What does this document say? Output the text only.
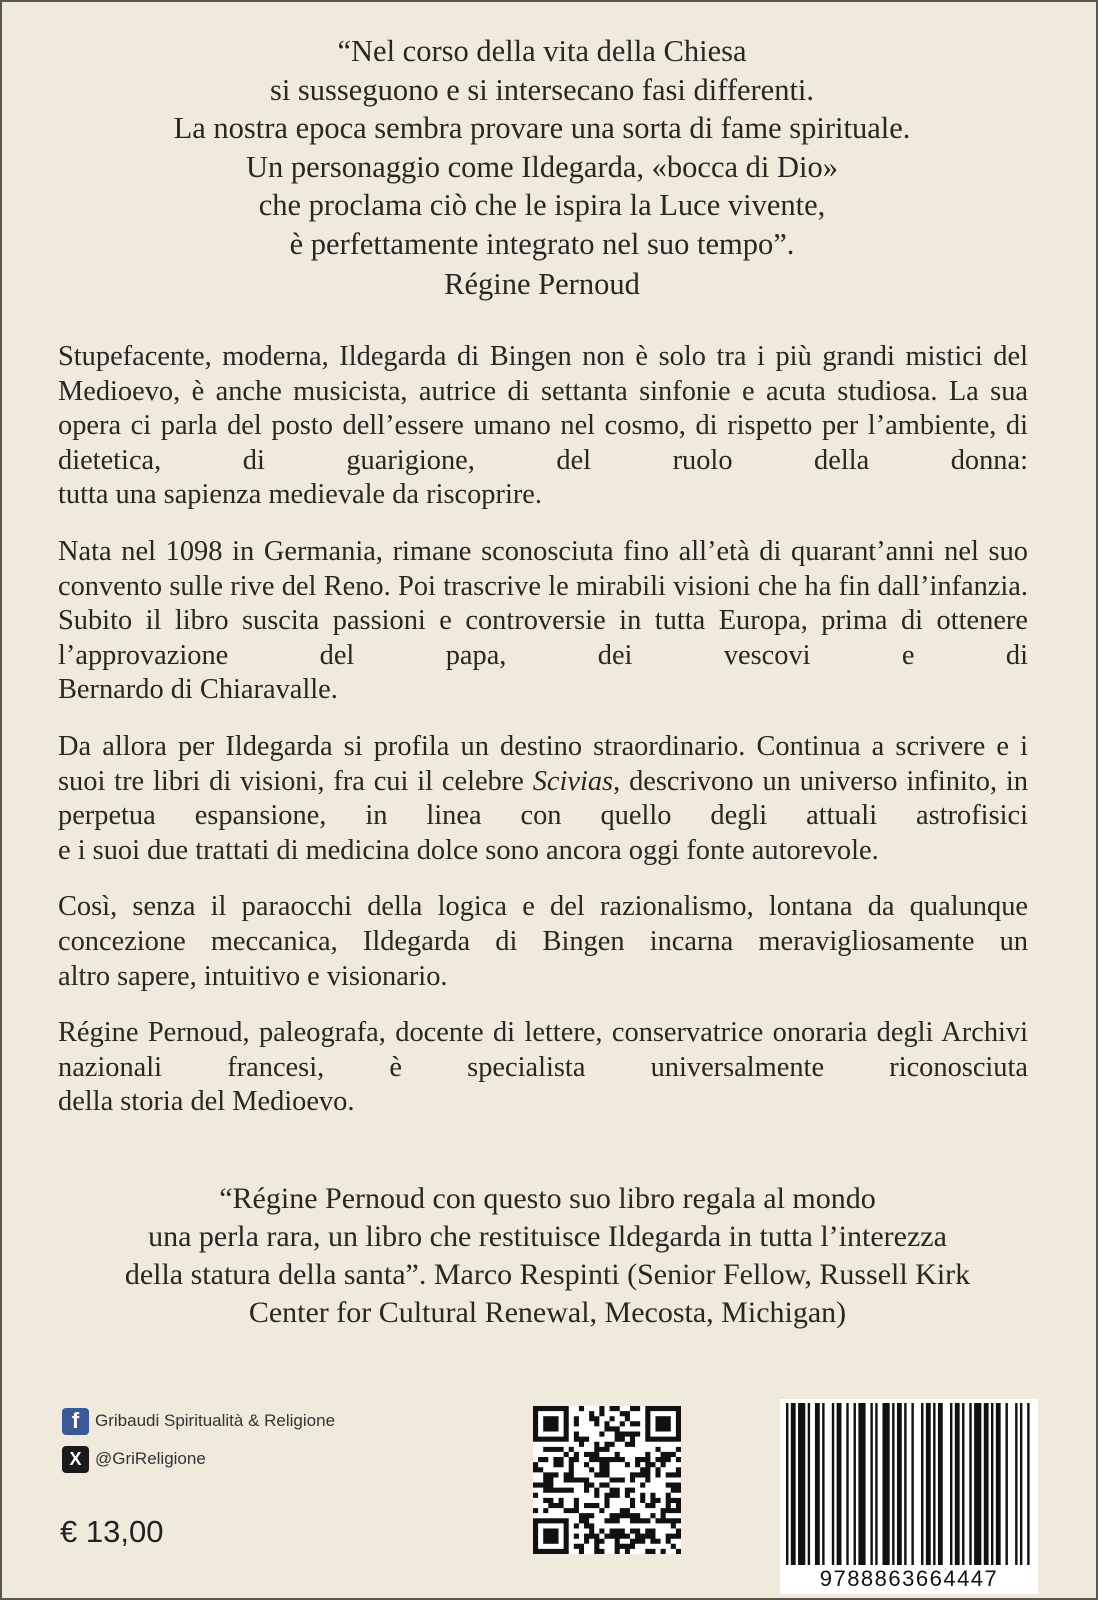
“Nel corso della vita della Chiesa
si susseguono e si intersecano fasi differenti.
La nostra epoca sembra provare una sorta di fame spirituale.
Un personaggio come Ildegarda, «bocca di Dio»
che proclama ciò che le ispira la Luce vivente,
è perfettamente integrato nel suo tempo”.
Régine Pernoud

Stupefacente, moderna, Ildegarda di Bingen non è solo tra i più grandi mistici del Medioevo, è anche musicista, autrice di settanta sinfonie e acuta studiosa. La sua opera ci parla del posto dell’essere umano nel cosmo, di rispetto per l’ambiente, di dietetica, di guarigione, del ruolo della donna:
tutta una sapienza medievale da riscoprire.

Nata nel 1098 in Germania, rimane sconosciuta fino all’età di quarant’anni nel suo convento sulle rive del Reno. Poi trascrive le mirabili visioni che ha fin dall’infanzia. Subito il libro suscita passioni e controversie in tutta Europa, prima di ottenere l’approvazione del papa, dei vescovi e di
Bernardo di Chiaravalle.

Da allora per Ildegarda si profila un destino straordinario. Continua a scrivere e i suoi tre libri di visioni, fra cui il celebre Scivias, descrivono un universo infinito, in perpetua espansione, in linea con quello degli attuali astrofisici
e i suoi due trattati di medicina dolce sono ancora oggi fonte autorevole.

Così, senza il paraocchi della logica e del razionalismo, lontana da qualunque concezione meccanica, Ildegarda di Bingen incarna meravigliosamente un
altro sapere, intuitivo e visionario.

Régine Pernoud, paleografa, docente di lettere, conservatrice onoraria degli Archivi nazionali francesi, è specialista universalmente riconosciuta
della storia del Medioevo.

“Régine Pernoud con questo suo libro regala al mondo
una perla rara, un libro che restituisce Ildegarda in tutta l’interezza
della statura della santa”. Marco Respinti (Senior Fellow, Russell Kirk
Center for Cultural Renewal, Mecosta, Michigan)
f Gribaudi Spiritualità & Religione
X @GriReligione
€ 13,00
9788863664447
